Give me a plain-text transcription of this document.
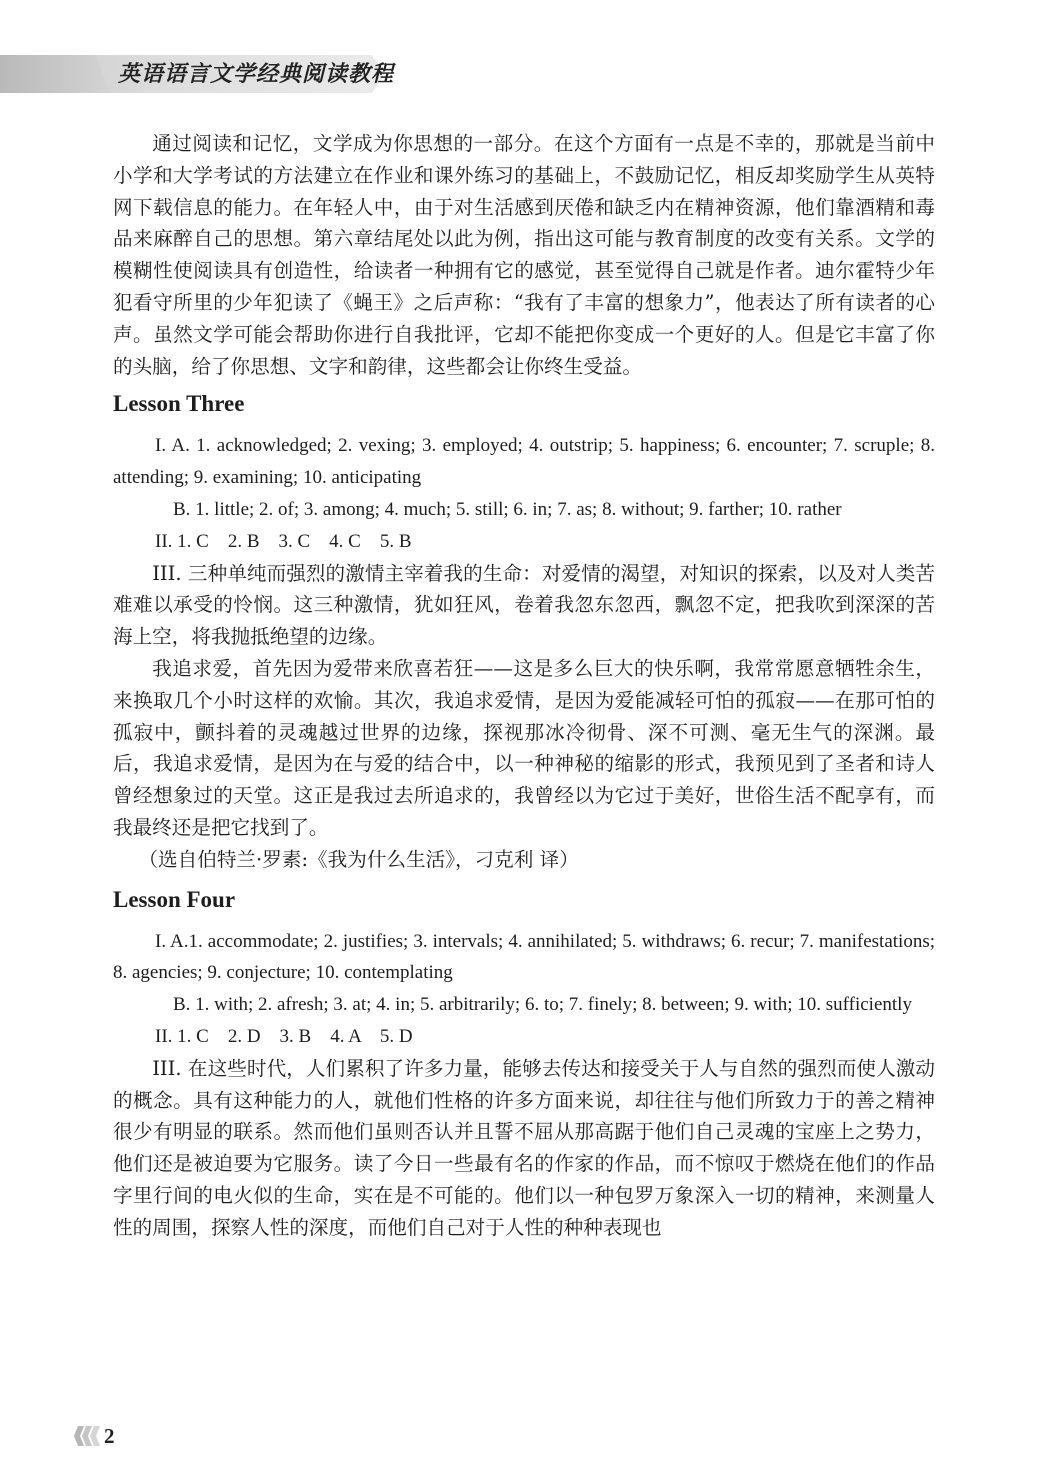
英语语言文学经典阅读教程

通过阅读和记忆，文学成为你思想的一部分。在这个方面有一点是不幸的，那就是当前中小学和大学考试的方法建立在作业和课外练习的基础上，不鼓励记忆，相反却奖励学生从英特网下载信息的能力。在年轻人中，由于对生活感到厌倦和缺乏内在精神资源，他们靠酒精和毒品来麻醉自己的思想。第六章结尾处以此为例，指出这可能与教育制度的改变有关系。文学的模糊性使阅读具有创造性，给读者一种拥有它的感觉，甚至觉得自己就是作者。迪尔霍特少年犯看守所里的少年犯读了《蝇王》之后声称：“我有了丰富的想象力”，他表达了所有读者的心声。虽然文学可能会帮助你进行自我批评，它却不能把你变成一个更好的人。但是它丰富了你的头脑，给了你思想、文字和韵律，这些都会让你终生受益。

Lesson Three

I. A. 1. acknowledged; 2. vexing; 3. employed; 4. outstrip; 5. happiness; 6. encounter; 7. scruple; 8. attending; 9. examining; 10. anticipating

B. 1. little; 2. of; 3. among; 4. much; 5. still; 6. in; 7. as; 8. without; 9. farther; 10. rather

II. 1. C    2. B    3. C    4. C    5. B

III. 三种单纯而强烈的激情主宰着我的生命：对爱情的渴望，对知识的探索，以及对人类苦难难以承受的怜悯。这三种激情，犹如狂风，卷着我忽东忽西，飘忽不定，把我吹到深深的苦海上空，将我抛抵绝望的边缘。

我追求爱，首先因为爱带来欣喜若狂——这是多么巨大的快乐啊，我常常愿意牺牲余生，来换取几个小时这样的欢愉。其次，我追求爱情，是因为爱能减轻可怕的孤寂——在那可怕的孤寂中，颤抖着的灵魂越过世界的边缘，探视那冰冷彻骨、深不可测、毫无生气的深渊。最后，我追求爱情，是因为在与爱的结合中，以一种神秘的缩影的形式，我预见到了圣者和诗人曾经想象过的天堂。这正是我过去所追求的，我曾经以为它过于美好，世俗生活不配享有，而我最终还是把它找到了。

（选自伯特兰·罗素:《我为什么生活》，刁克利 译）

Lesson Four

I. A.1. accommodate; 2. justifies; 3. intervals; 4. annihilated; 5. withdraws; 6. recur; 7. manifestations; 8. agencies; 9. conjecture; 10. contemplating

B. 1. with; 2. afresh; 3. at; 4. in; 5. arbitrarily; 6. to; 7. finely; 8. between; 9. with; 10. sufficiently

II. 1. C    2. D    3. B    4. A    5. D

III. 在这些时代，人们累积了许多力量，能够去传达和接受关于人与自然的强烈而使人激动的概念。具有这种能力的人，就他们性格的许多方面来说，却往往与他们所致力于的善之精神很少有明显的联系。然而他们虽则否认并且誓不屈从那高踞于他们自己灵魂的宝座上之势力，他们还是被迫要为它服务。读了今日一些最有名的作家的作品，而不惊叹于燃烧在他们的作品字里行间的电火似的生命，实在是不可能的。他们以一种包罗万象深入一切的精神，来测量人性的周围，探察人性的深度，而他们自己对于人性的种种表现也

2
